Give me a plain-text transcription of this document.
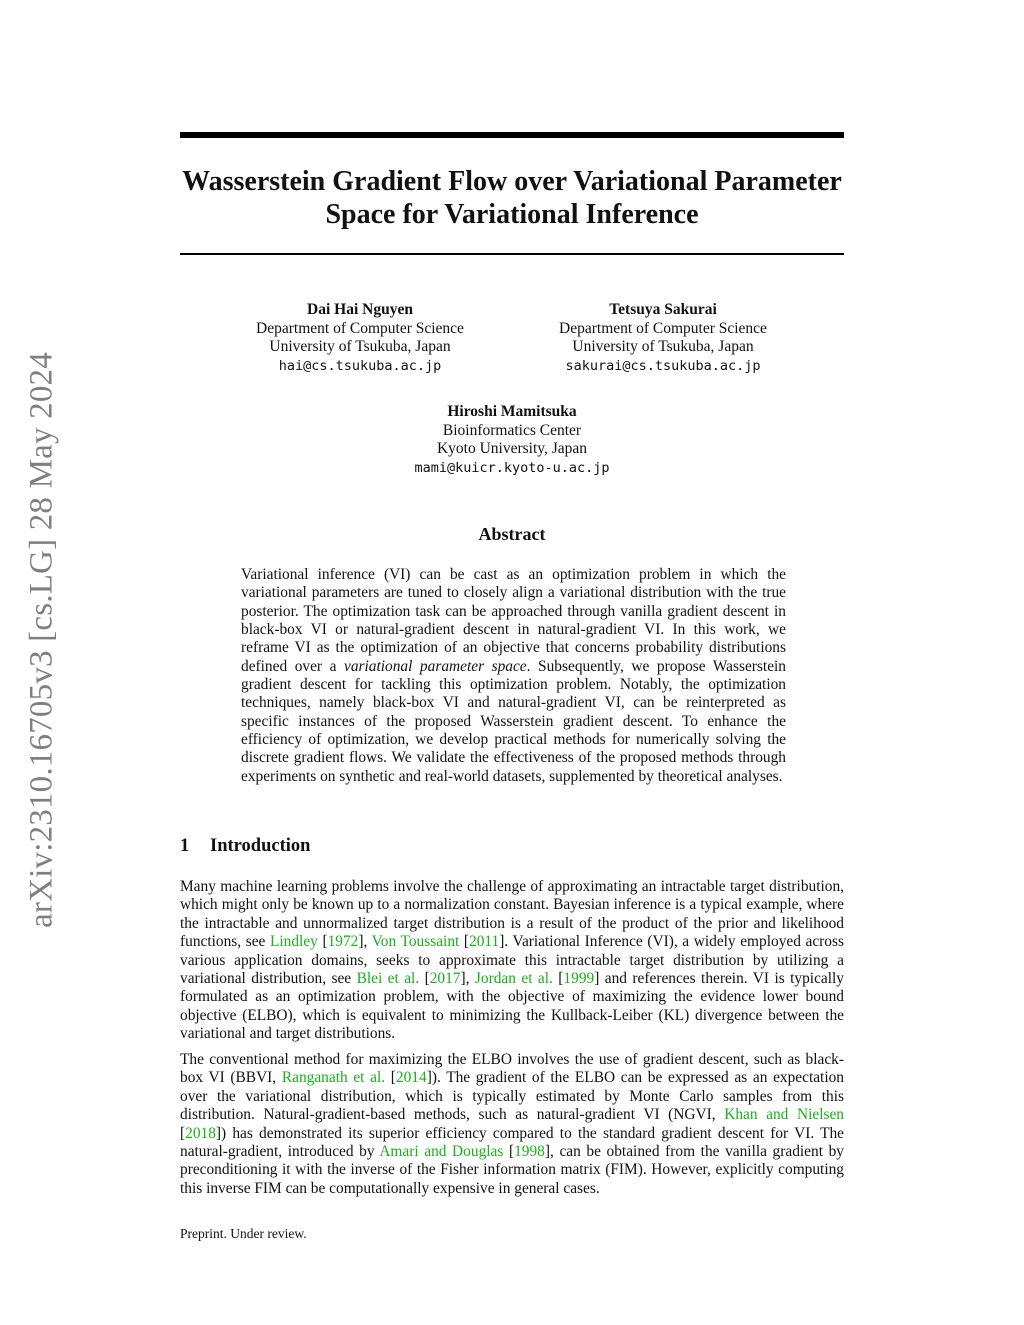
arXiv:2310.16705v3 [cs.LG] 28 May 2024
Wasserstein Gradient Flow over Variational Parameter
Space for Variational Inference
Dai Hai Nguyen
Department of Computer Science
University of Tsukuba, Japan
hai@cs.tsukuba.ac.jp
Tetsuya Sakurai
Department of Computer Science
University of Tsukuba, Japan
sakurai@cs.tsukuba.ac.jp
Hiroshi Mamitsuka
Bioinformatics Center
Kyoto University, Japan
mami@kuicr.kyoto-u.ac.jp
Abstract
Variational inference (VI) can be cast as an optimization problem in which the variational parameters are tuned to closely align a variational distribution with the true posterior. The optimization task can be approached through vanilla gradient descent in black-box VI or natural-gradient descent in natural-gradient VI. In this work, we reframe VI as the optimization of an objective that concerns probability distributions defined over a variational parameter space. Subsequently, we propose Wasserstein gradient descent for tackling this optimization problem. Notably, the optimization techniques, namely black-box VI and natural-gradient VI, can be reinterpreted as specific instances of the proposed Wasserstein gradient descent. To enhance the efficiency of optimization, we develop practical methods for numerically solving the discrete gradient flows. We validate the effectiveness of the proposed methods through experiments on synthetic and real-world datasets, supplemented by theoretical analyses.
1 Introduction
Many machine learning problems involve the challenge of approximating an intractable target distribution, which might only be known up to a normalization constant. Bayesian inference is a typical example, where the intractable and unnormalized target distribution is a result of the product of the prior and likelihood functions, see Lindley [1972], Von Toussaint [2011]. Variational Inference (VI), a widely employed across various application domains, seeks to approximate this intractable target distribution by utilizing a variational distribution, see Blei et al. [2017], Jordan et al. [1999] and references therein. VI is typically formulated as an optimization problem, with the objective of maximizing the evidence lower bound objective (ELBO), which is equivalent to minimizing the Kullback-Leiber (KL) divergence between the variational and target distributions.
The conventional method for maximizing the ELBO involves the use of gradient descent, such as black-box VI (BBVI, Ranganath et al. [2014]). The gradient of the ELBO can be expressed as an expectation over the variational distribution, which is typically estimated by Monte Carlo samples from this distribution. Natural-gradient-based methods, such as natural-gradient VI (NGVI, Khan and Nielsen [2018]) has demonstrated its superior efficiency compared to the standard gradient descent for VI. The natural-gradient, introduced by Amari and Douglas [1998], can be obtained from the vanilla gradient by preconditioning it with the inverse of the Fisher information matrix (FIM). However, explicitly computing this inverse FIM can be computationally expensive in general cases.
Preprint. Under review.
